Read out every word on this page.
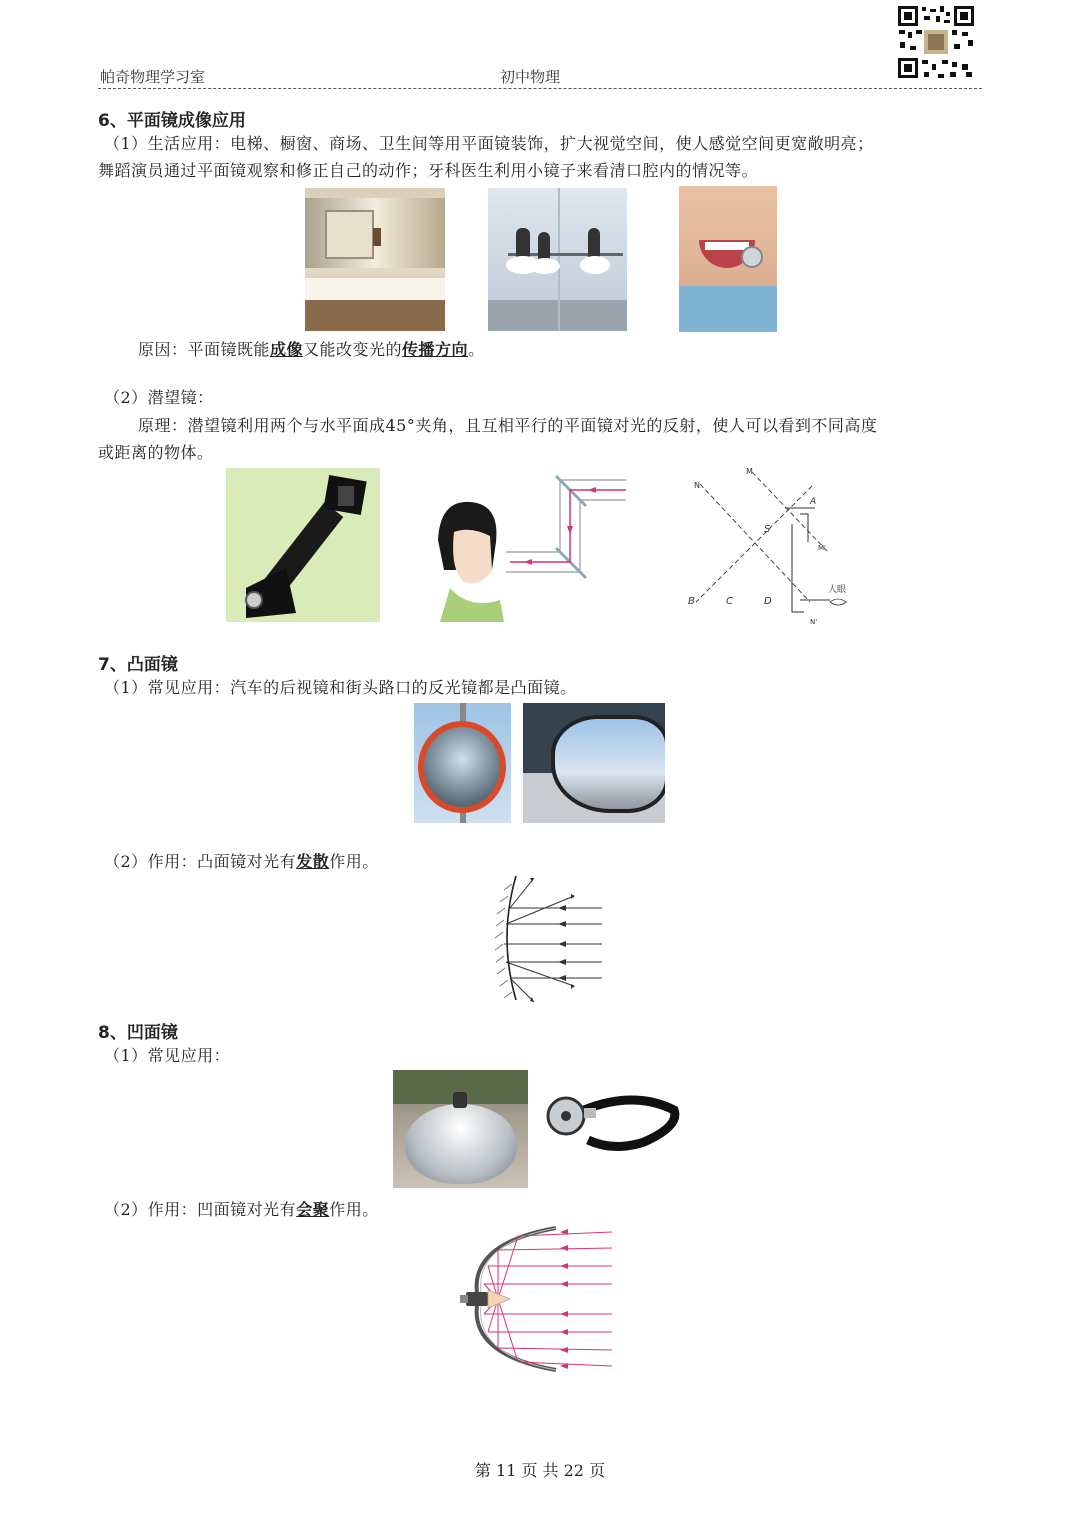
帕奇物理学习室	初中物理
6、平面镜成像应用
（1）生活应用：电梯、橱窗、商场、卫生间等用平面镜装饰，扩大视觉空间，使人感觉空间更宽敞明亮；
舞蹈演员通过平面镜观察和修正自己的动作；牙科医生利用小镜子来看清口腔内的情况等。
原因：平面镜既能成像又能改变光的传播方向。
（2）潜望镜：
原理：潜望镜利用两个与水平面成45°夹角，且互相平行的平面镜对光的反射，使人可以看到不同高度
或距离的物体。
N
M
A
S
M'
B	C	D
N'
人眼
7、凸面镜
（1）常见应用：汽车的后视镜和街头路口的反光镜都是凸面镜。
（2）作用：凸面镜对光有发散作用。
8、凹面镜
（1）常见应用：
（2）作用：凹面镜对光有会聚作用。
第 11 页 共 22 页
